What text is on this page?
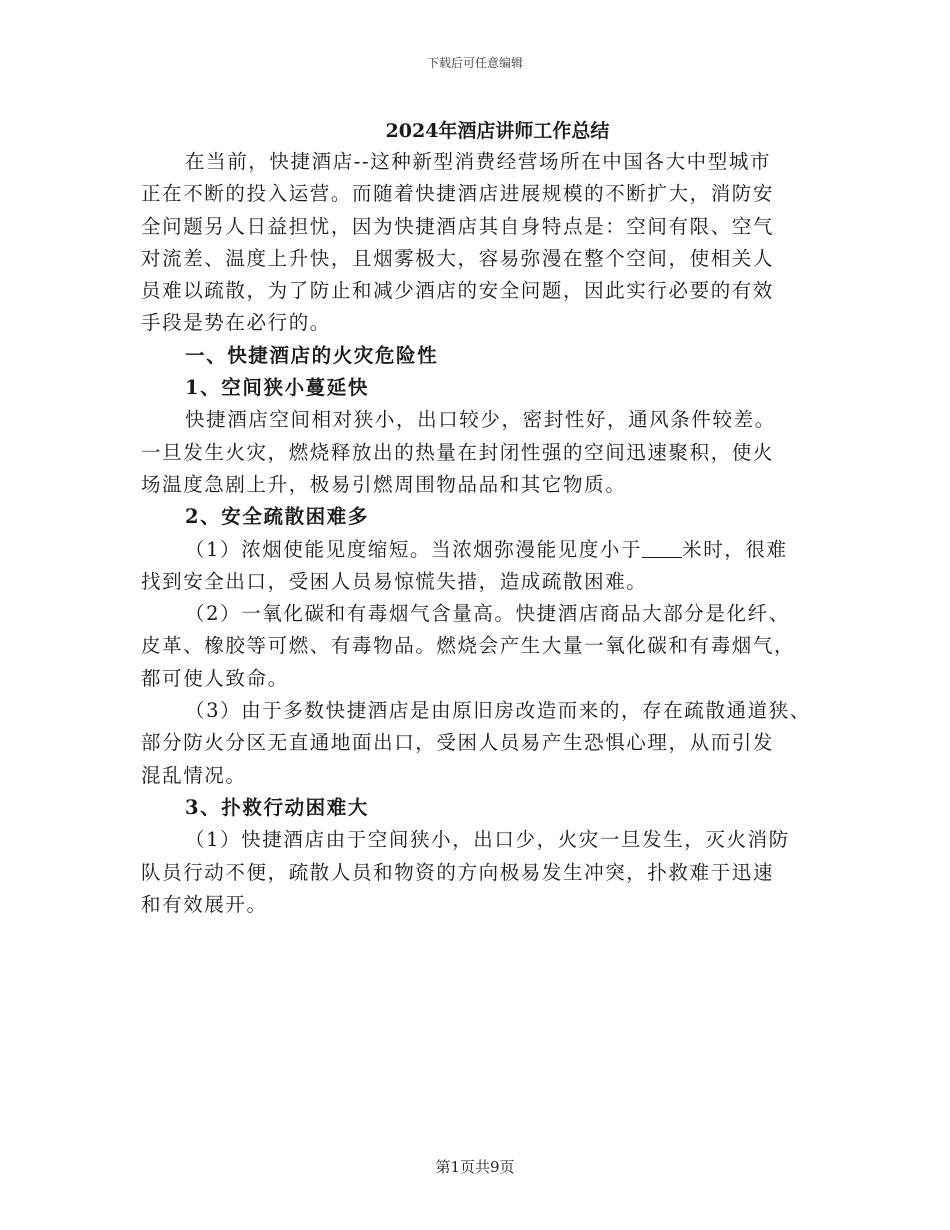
下载后可任意编辑
2024年酒店讲师工作总结
在当前，快捷酒店--这种新型消费经营场所在中国各大中型城市
正在不断的投入运营。而随着快捷酒店进展规模的不断扩大，消防安
全问题另人日益担忧，因为快捷酒店其自身特点是：空间有限、空气
对流差、温度上升快，且烟雾极大，容易弥漫在整个空间，使相关人
员难以疏散，为了防止和减少酒店的安全问题，因此实行必要的有效
手段是势在必行的。
一、快捷酒店的火灾危险性
1、空间狭小蔓延快
快捷酒店空间相对狭小，出口较少，密封性好，通风条件较差。
一旦发生火灾，燃烧释放出的热量在封闭性强的空间迅速聚积，使火
场温度急剧上升，极易引燃周围物品品和其它物质。
2、安全疏散困难多
（1）浓烟使能见度缩短。当浓烟弥漫能见度小于 米时，很难
找到安全出口，受困人员易惊慌失措，造成疏散困难。
（2）一氧化碳和有毒烟气含量高。快捷酒店商品大部分是化纤、
皮革、橡胶等可燃、有毒物品。燃烧会产生大量一氧化碳和有毒烟气，
都可使人致命。
（3）由于多数快捷酒店是由原旧房改造而来的，存在疏散通道狭、
部分防火分区无直通地面出口，受困人员易产生恐惧心理，从而引发
混乱情况。
3、扑救行动困难大
（1）快捷酒店由于空间狭小，出口少，火灾一旦发生，灭火消防
队员行动不便，疏散人员和物资的方向极易发生冲突，扑救难于迅速
和有效展开。
第1页共9页
